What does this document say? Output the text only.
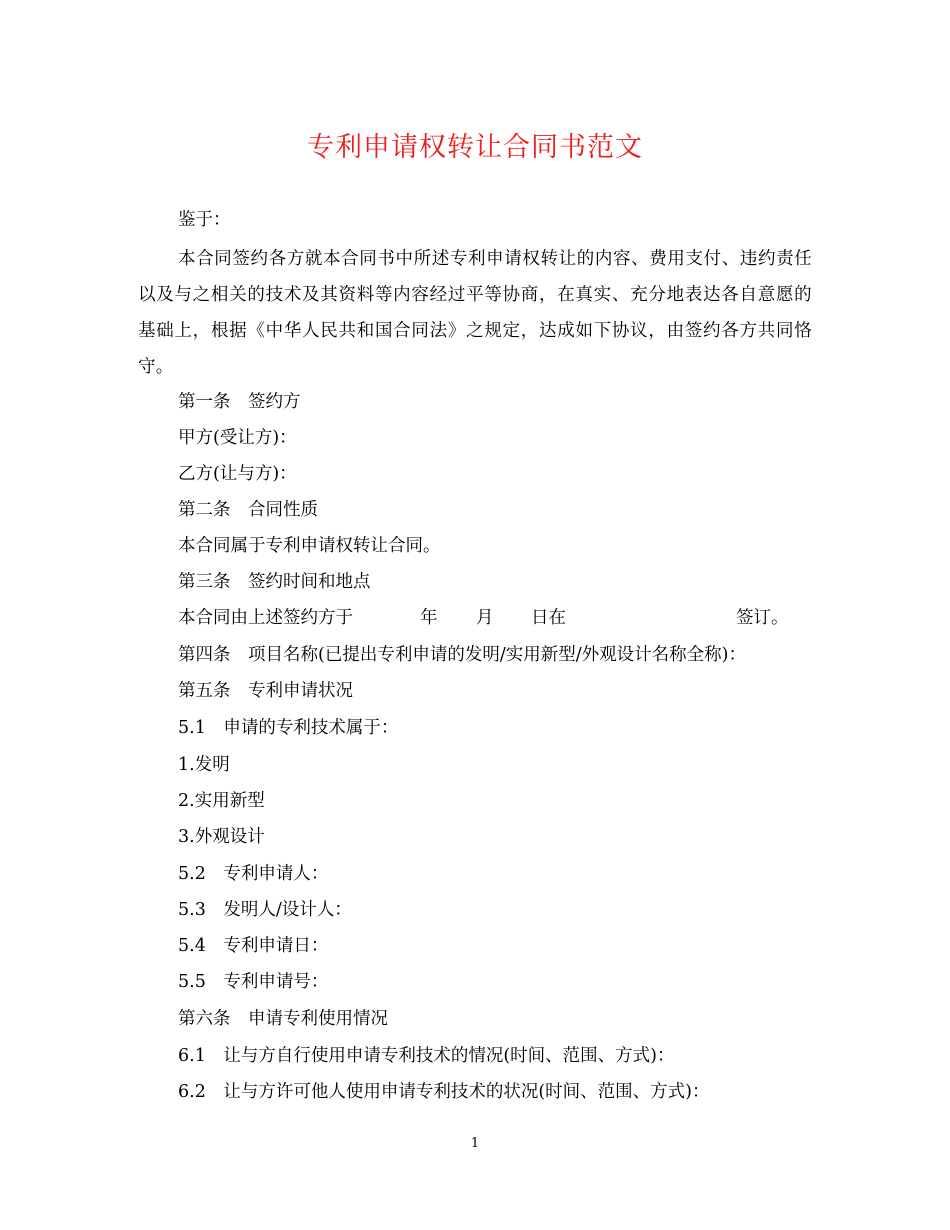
专利申请权转让合同书范文
鉴于：

本合同签约各方就本合同书中所述专利申请权转让的内容、费用支付、违约责任以及与之相关的技术及其资料等内容经过平等协商，在真实、充分地表达各自意愿的基础上，根据《中华人民共和国合同法》之规定，达成如下协议，由签约各方共同恪守。

第一条　签约方
甲方(受让方)：
乙方(让与方)：
第二条　合同性质
本合同属于专利申请权转让合同。
第三条　签约时间和地点
本合同由上述签约方于	年 月 日在	签订。
第四条　项目名称(已提出专利申请的发明/实用新型/外观设计名称全称)：
第五条　专利申请状况
5.1　申请的专利技术属于：
1.发明
2.实用新型
3.外观设计
5.2　专利申请人：
5.3　发明人/设计人：
5.4　专利申请日：
5.5　专利申请号：
第六条　申请专利使用情况
6.1　让与方自行使用申请专利技术的情况(时间、范围、方式)：
6.2　让与方许可他人使用申请专利技术的状况(时间、范围、方式)：
1
